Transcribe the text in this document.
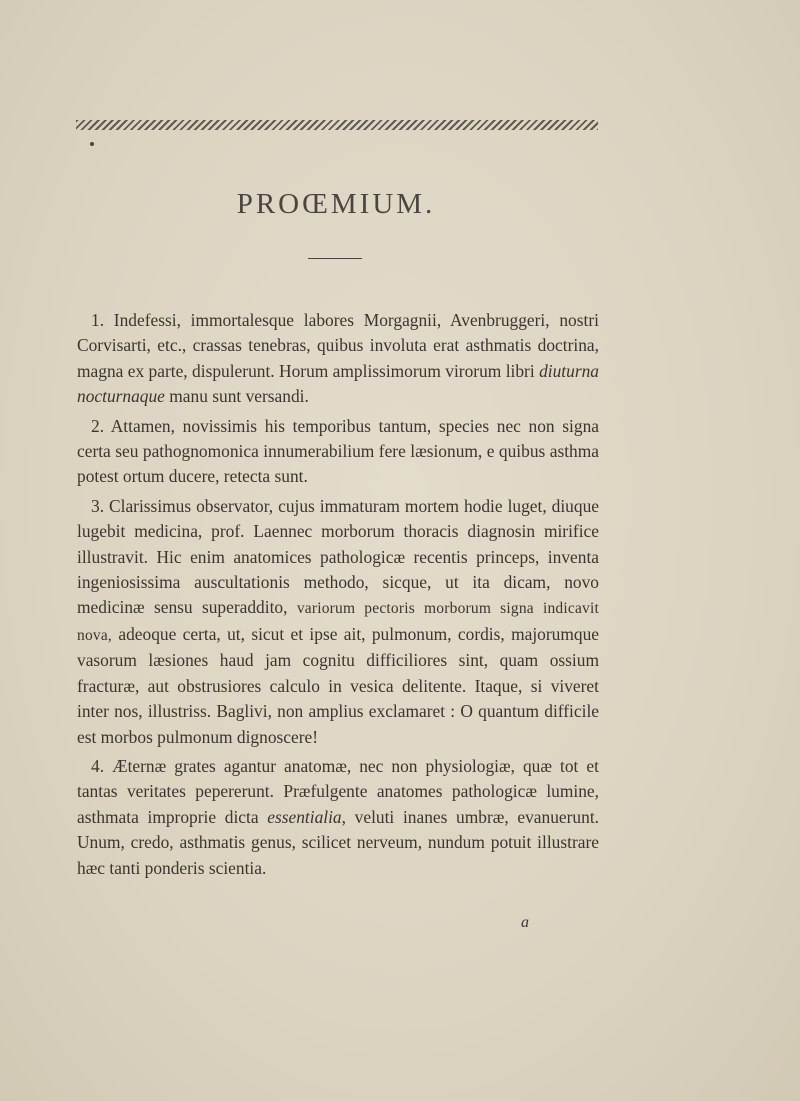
PROŒMIUM.

1. Indefessi, immortalesque labores Morgagnii, Avenbruggeri, nostri Corvisarti, etc., crassas tenebras, quibus involuta erat asthmatis doctrina, magna ex parte, dispulerunt. Horum amplissimorum virorum libri diuturna nocturnaque manu sunt versandi.

2. Attamen, novissimis his temporibus tantum, species nec non signa certa seu pathognomonica innumerabilium fere læsionum, e quibus asthma potest ortum ducere, retecta sunt.

3. Clarissimus observator, cujus immaturam mortem hodie luget, diuque lugebit medicina, prof. Laennec morborum thoracis diagnosin mirifice illustravit. Hic enim anatomices pathologicæ recentis princeps, inventa ingeniosissima auscultationis methodo, sicque, ut ita dicam, novo medicinæ sensu superaddito, variorum pectoris morborum signa indicavit nova, adeoque certa, ut, sicut et ipse ait, pulmonum, cordis, majorumque vasorum læsiones haud jam cognitu difficiliores sint, quam ossium fracturæ, aut obstrusiores calculo in vesica delitente. Itaque, si viveret inter nos, illustriss. Baglivi, non amplius exclamaret : O quantum difficile est morbos pulmonum dignoscere!

4. Æternæ grates agantur anatomæ, nec non physiologiæ, quæ tot et tantas veritates pepererunt. Præfulgente anatomes pathologicæ lumine, asthmata improprie dicta essentialia, veluti inanes umbræ, evanuerunt. Unum, credo, asthmatis genus, scilicet nerveum, nundum potuit illustrare hæc tanti ponderis scientia.

a
